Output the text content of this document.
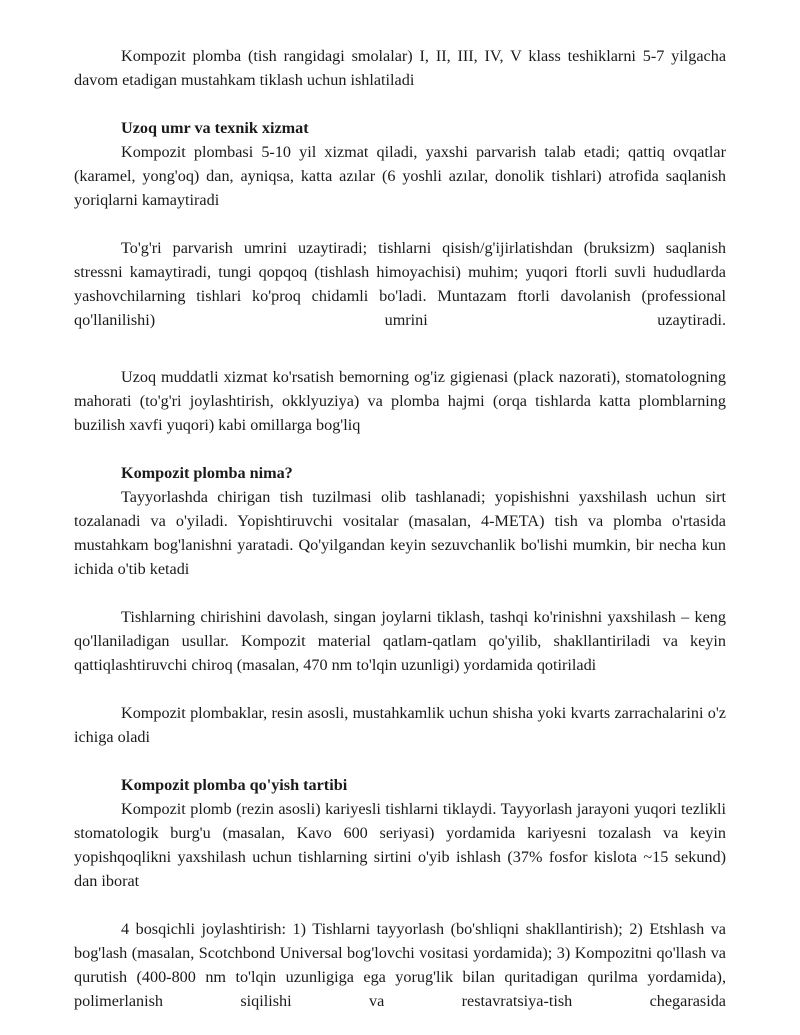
Kompozit plomba (tish rangidagi smolalar) I, II, III, IV, V klass teshiklarni 5-7 yilgacha davom etadigan mustahkam tiklash uchun ishlatiladi

Uzoq umr va texnik xizmat

Kompozit plombasi 5-10 yil xizmat qiladi, yaxshi parvarish talab etadi; qattiq ovqatlar (karamel, yong'oq) dan, ayniqsa, katta azılar (6 yoshli azılar, donolik tishlari) atrofida saqlanish yoriqlarni kamaytiradi

To'g'ri parvarish umrini uzaytiradi; tishlarni qisish/g'ijirlatishdan (bruksizm) saqlanish stressni kamaytiradi, tungi qopqoq (tishlash himoyachisi) muhim; yuqori ftorli suvli hududlarda yashovchilarning tishlari ko'proq chidamli bo'ladi. Muntazam ftorli davolanish (professional qo'llanilishi) umrini uzaytiradi.

Uzoq muddatli xizmat ko'rsatish bemorning og'iz gigienasi (plack nazorati), stomatologning mahorati (to'g'ri joylashtirish, okklyuziya) va plomba hajmi (orqa tishlarda katta plomblarning buzilish xavfi yuqori) kabi omillarga bog'liq

Kompozit plomba nima?

Tayyorlashda chirigan tish tuzilmasi olib tashlanadi; yopishishni yaxshilash uchun sirt tozalanadi va o'yiladi. Yopishtiruvchi vositalar (masalan, 4-META) tish va plomba o'rtasida mustahkam bog'lanishni yaratadi. Qo'yilgandan keyin sezuvchanlik bo'lishi mumkin, bir necha kun ichida o'tib ketadi

Tishlarning chirishini davolash, singan joylarni tiklash, tashqi ko'rinishni yaxshilash – keng qo'llaniladigan usullar. Kompozit material qatlam-qatlam qo'yilib, shakllantiriladi va keyin qattiqlashtiruvchi chiroq (masalan, 470 nm to'lqin uzunligi) yordamida qotiriladi

Kompozit plombaklar, resin asosli, mustahkamlik uchun shisha yoki kvarts zarrachalarini o'z ichiga oladi

Kompozit plomba qo'yish tartibi

Kompozit plomb (rezin asosli) kariyesli tishlarni tiklaydi. Tayyorlash jarayoni yuqori tezlikli stomatologik burg'u (masalan, Kavo 600 seriyasi) yordamida kariyesni tozalash va keyin yopishqoqlikni yaxshilash uchun tishlarning sirtini o'yib ishlash (37% fosfor kislota ~15 sekund) dan iborat

4 bosqichli joylashtirish: 1) Tishlarni tayyorlash (bo'shliqni shakllantirish); 2) Etshlash va bog'lash (masalan, Scotchbond Universal bog'lovchi vositasi yordamida); 3) Kompozitni qo'llash va qurutish (400-800 nm to'lqin uzunligiga ega yorug'lik bilan quritadigan qurilma yordamida), polimerlanish siqilishi va restavratsiya-tish chegarasida
